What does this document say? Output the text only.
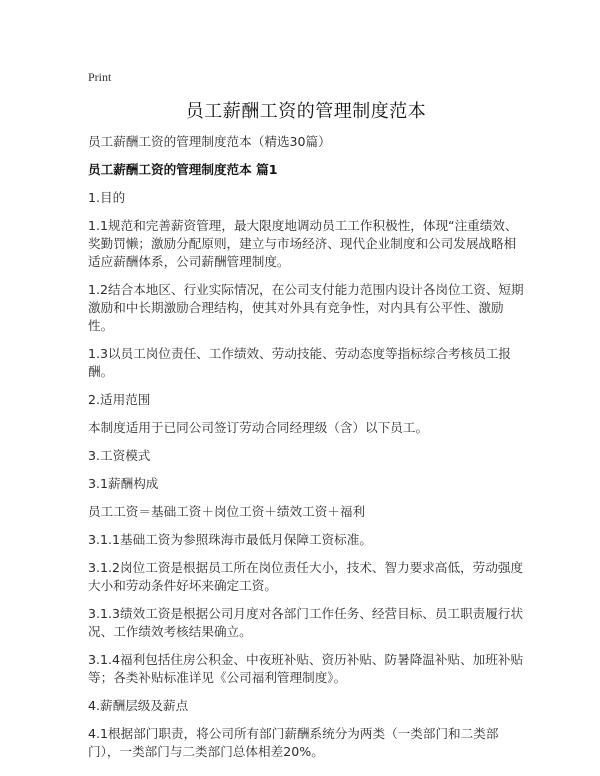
Print
员工薪酬工资的管理制度范本

员工薪酬工资的管理制度范本（精选30篇）

员工薪酬工资的管理制度范本 篇1

1.目的

1.1规范和完善薪资管理，最大限度地调动员工工作积极性，体现“注重绩效、奖勤罚懒；激励分配原则，建立与市场经济、现代企业制度和公司发展战略相适应薪酬体系，公司薪酬管理制度。

1.2结合本地区、行业实际情况，在公司支付能力范围内设计各岗位工资、短期激励和中长期激励合理结构，使其对外具有竞争性，对内具有公平性、激励性。

1.3以员工岗位责任、工作绩效、劳动技能、劳动态度等指标综合考核员工报酬。

2.适用范围

本制度适用于已同公司签订劳动合同经理级（含）以下员工。

3.工资模式

3.1薪酬构成

员工工资＝基础工资＋岗位工资＋绩效工资＋福利

3.1.1基础工资为参照珠海市最低月保障工资标准。

3.1.2岗位工资是根据员工所在岗位责任大小，技术、智力要求高低，劳动强度大小和劳动条件好坏来确定工资。

3.1.3绩效工资是根据公司月度对各部门工作任务、经营目标、员工职责履行状况、工作绩效考核结果确立。

3.1.4福利包括住房公积金、中夜班补贴、资历补贴、防暑降温补贴、加班补贴等；各类补贴标准详见《公司福利管理制度》。

4.薪酬层级及薪点

4.1根据部门职责，将公司所有部门薪酬系统分为两类（一类部门和二类部门），一类部门与二类部门总体相差20%。
